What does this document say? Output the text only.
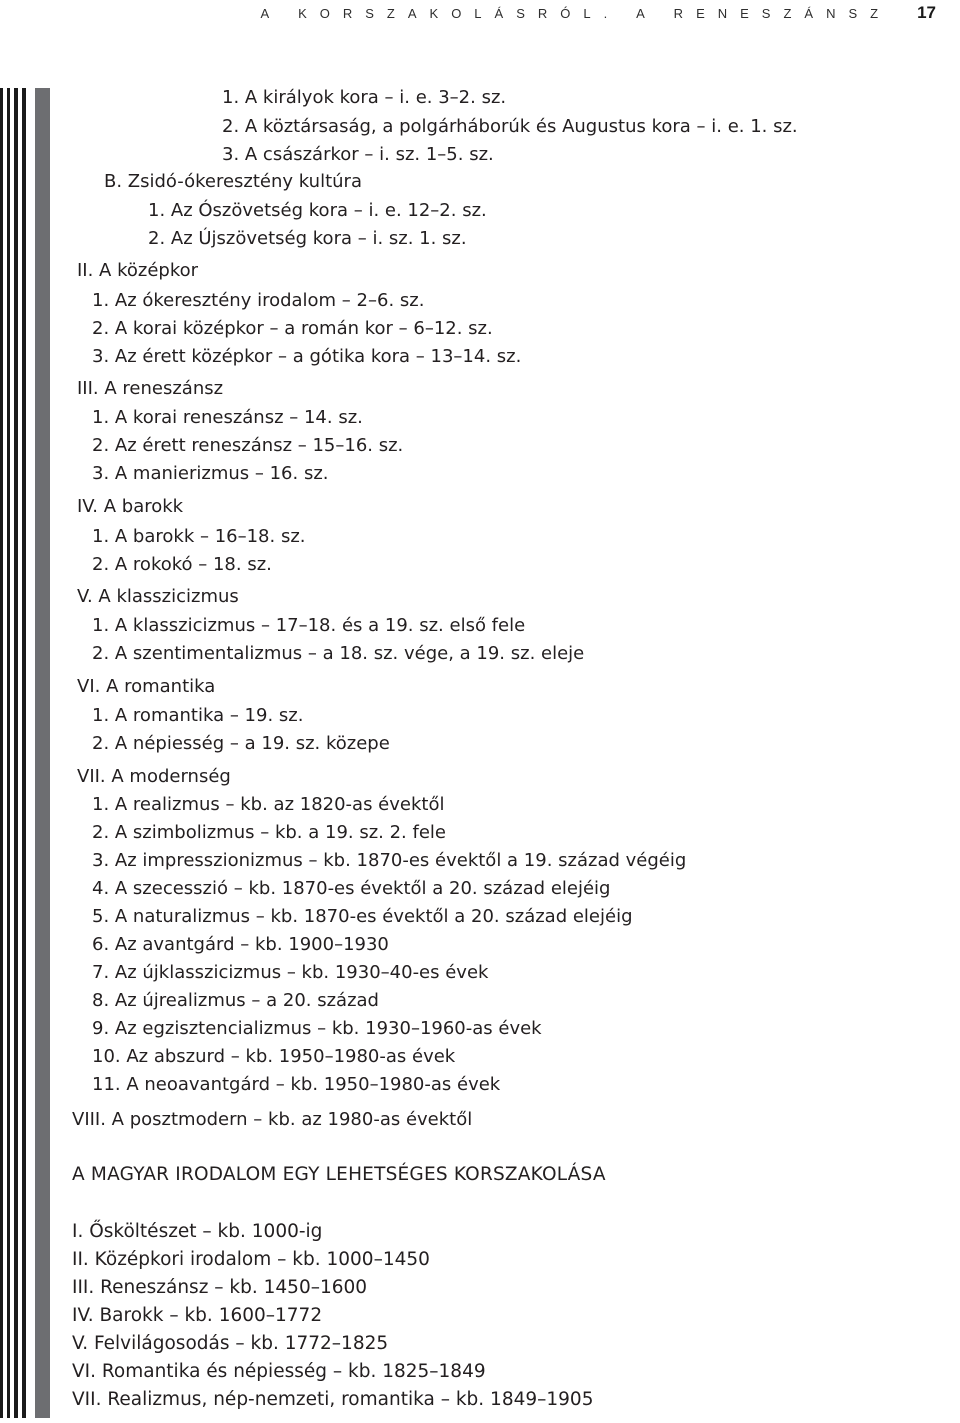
A KORSZAKOLÁSRÓL. A RENESZÁNSZ 17
1. A királyok kora – i. e. 3–2. sz.
2. A köztársaság, a polgárháborúk és Augustus kora – i. e. 1. sz.
3. A császárkor – i. sz. 1–5. sz.
B. Zsidó-ókeresztény kultúra
1. Az Ószövetség kora – i. e. 12–2. sz.
2. Az Újszövetség kora – i. sz. 1. sz.
II. A középkor
1. Az ókeresztény irodalom – 2–6. sz.
2. A korai középkor – a román kor – 6–12. sz.
3. Az érett középkor – a gótika kora – 13–14. sz.
III. A reneszánsz
1. A korai reneszánsz – 14. sz.
2. Az érett reneszánsz – 15–16. sz.
3. A manierizmus – 16. sz.
IV. A barokk
1. A barokk – 16–18. sz.
2. A rokokó – 18. sz.
V. A klasszicizmus
1. A klasszicizmus – 17–18. és a 19. sz. első fele
2. A szentimentalizmus – a 18. sz. vége, a 19. sz. eleje
VI. A romantika
1. A romantika – 19. sz.
2. A népiesség – a 19. sz. közepe
VII. A modernség
1. A realizmus – kb. az 1820-as évektől
2. A szimbolizmus – kb. a 19. sz. 2. fele
3. Az impresszionizmus – kb. 1870-es évektől a 19. század végéig
4. A szecesszió – kb. 1870-es évektől a 20. század elejéig
5. A naturalizmus – kb. 1870-es évektől a 20. század elejéig
6. Az avantgárd – kb. 1900–1930
7. Az újklasszicizmus – kb. 1930–40-es évek
8. Az újrealizmus – a 20. század
9. Az egzisztencializmus – kb. 1930–1960-as évek
10. Az abszurd – kb. 1950–1980-as évek
11. A neoavantgárd – kb. 1950–1980-as évek
VIII. A posztmodern – kb. az 1980-as évektől
A MAGYAR IRODALOM EGY LEHETSÉGES KORSZAKOLÁSA
I. Ősköltészet – kb. 1000-ig
II. Középkori irodalom – kb. 1000–1450
III. Reneszánsz – kb. 1450–1600
IV. Barokk – kb. 1600–1772
V. Felvilágosodás – kb. 1772–1825
VI. Romantika és népiesség – kb. 1825–1849
VII. Realizmus, nép-nemzeti, romantika – kb. 1849–1905
